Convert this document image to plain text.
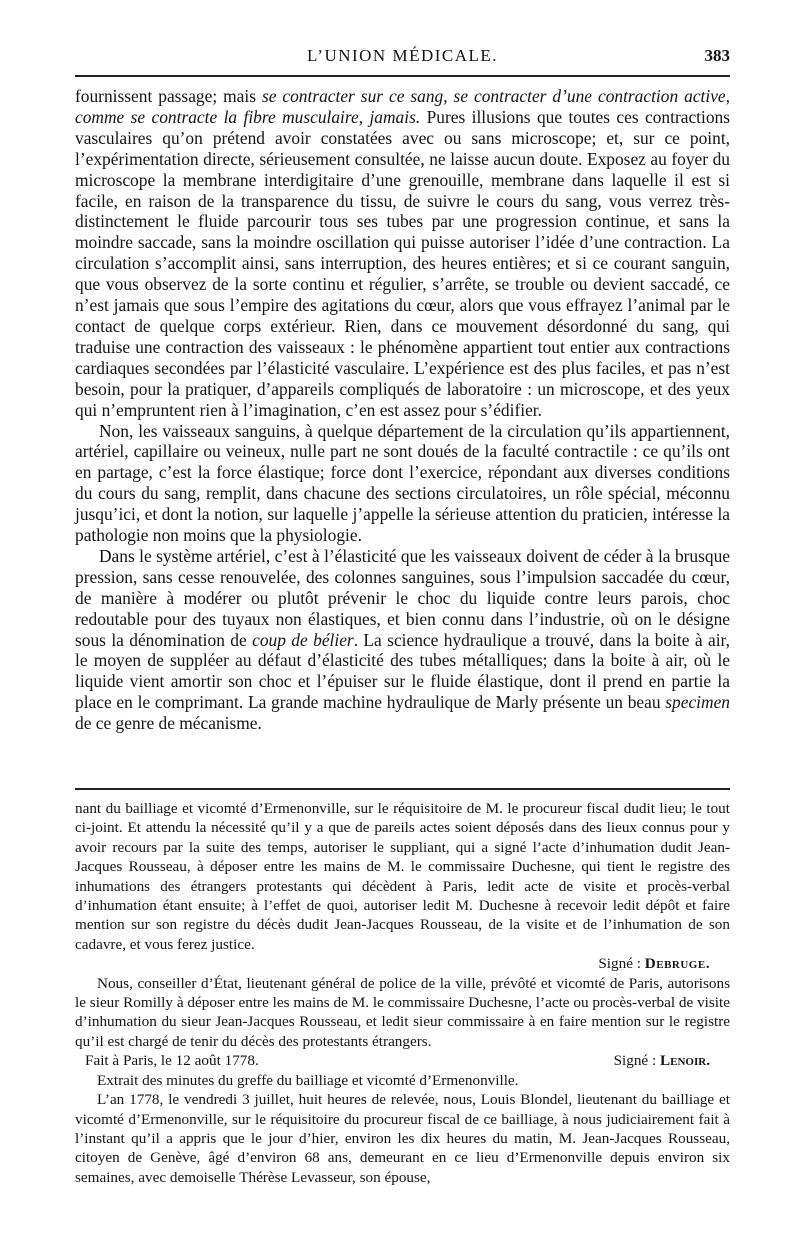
L’UNION MÉDICALE.	383

fournissent passage; mais se contracter sur ce sang, se contracter d’une contraction active, comme se contracte la fibre musculaire, jamais. Pures illusions que toutes ces contractions vasculaires qu’on prétend avoir constatées avec ou sans microscope; et, sur ce point, l’expérimentation directe, sérieusement consultée, ne laisse aucun doute. Exposez au foyer du microscope la membrane interdigitaire d’une grenouille, membrane dans laquelle il est si facile, en raison de la transparence du tissu, de suivre le cours du sang, vous verrez très-distinctement le fluide parcourir tous ses tubes par une progression continue, et sans la moindre saccade, sans la moindre oscillation qui puisse autoriser l’idée d’une contraction. La circulation s’accomplit ainsi, sans interruption, des heures entières; et si ce courant sanguin, que vous observez de la sorte continu et régulier, s’arrête, se trouble ou devient saccadé, ce n’est jamais que sous l’empire des agitations du cœur, alors que vous effrayez l’animal par le contact de quelque corps extérieur. Rien, dans ce mouvement désordonné du sang, qui traduise une contraction des vaisseaux : le phénomène appartient tout entier aux contractions cardiaques secondées par l’élasticité vasculaire. L’expérience est des plus faciles, et pas n’est besoin, pour la pratiquer, d’appareils compliqués de laboratoire : un microscope, et des yeux qui n’empruntent rien à l’imagination, c’en est assez pour s’édifier.

Non, les vaisseaux sanguins, à quelque département de la circulation qu’ils appartiennent, artériel, capillaire ou veineux, nulle part ne sont doués de la faculté contractile : ce qu’ils ont en partage, c’est la force élastique; force dont l’exercice, répondant aux diverses conditions du cours du sang, remplit, dans chacune des sections circulatoires, un rôle spécial, méconnu jusqu’ici, et dont la notion, sur laquelle j’appelle la sérieuse attention du praticien, intéresse la pathologie non moins que la physiologie.

Dans le système artériel, c’est à l’élasticité que les vaisseaux doivent de céder à la brusque pression, sans cesse renouvelée, des colonnes sanguines, sous l’impulsion saccadée du cœur, de manière à modérer ou plutôt prévenir le choc du liquide contre leurs parois, choc redoutable pour des tuyaux non élastiques, et bien connu dans l’industrie, où on le désigne sous la dénomination de coup de bélier. La science hydraulique a trouvé, dans la boite à air, le moyen de suppléer au défaut d’élasticité des tubes métalliques; dans la boite à air, où le liquide vient amortir son choc et l’épuiser sur le fluide élastique, dont il prend en partie la place en le comprimant. La grande machine hydraulique de Marly présente un beau specimen de ce genre de mécanisme.

nant du bailliage et vicomté d’Ermenonville, sur le réquisitoire de M. le procureur fiscal dudit lieu; le tout ci-joint. Et attendu la nécessité qu’il y a que de pareils actes soient déposés dans des lieux connus pour y avoir recours par la suite des temps, autoriser le suppliant, qui a signé l’acte d’inhumation dudit Jean-Jacques Rousseau, à déposer entre les mains de M. le commissaire Duchesne, qui tient le registre des inhumations des étrangers protestants qui décèdent à Paris, ledit acte de visite et procès-verbal d’inhumation étant ensuite; à l’effet de quoi, autoriser ledit M. Duchesne à recevoir ledit dépôt et faire mention sur son registre du décès dudit Jean-Jacques Rousseau, de la visite et de l’inhumation de son cadavre, et vous ferez justice.

Signé : Debruge.

Nous, conseiller d’État, lieutenant général de police de la ville, prévôté et vicomté de Paris, autorisons le sieur Romilly à déposer entre les mains de M. le commissaire Duchesne, l’acte ou procès-verbal de visite d’inhumation du sieur Jean-Jacques Rousseau, et ledit sieur commissaire à en faire mention sur le registre qu’il est chargé de tenir du décès des protestants étrangers.

Fait à Paris, le 12 août 1778.	Signé : Lenoir.

Extrait des minutes du greffe du bailliage et vicomté d’Ermenonville.

L’an 1778, le vendredi 3 juillet, huit heures de relevée, nous, Louis Blondel, lieutenant du bailliage et vicomté d’Ermenonville, sur le réquisitoire du procureur fiscal de ce bailliage, à nous judiciairement fait à l’instant qu’il a appris que le jour d’hier, environ les dix heures du matin, M. Jean-Jacques Rousseau, citoyen de Genève, âgé d’environ 68 ans, demeurant en ce lieu d’Ermenonville depuis environ six semaines, avec demoiselle Thérèse Levasseur, son épouse,
